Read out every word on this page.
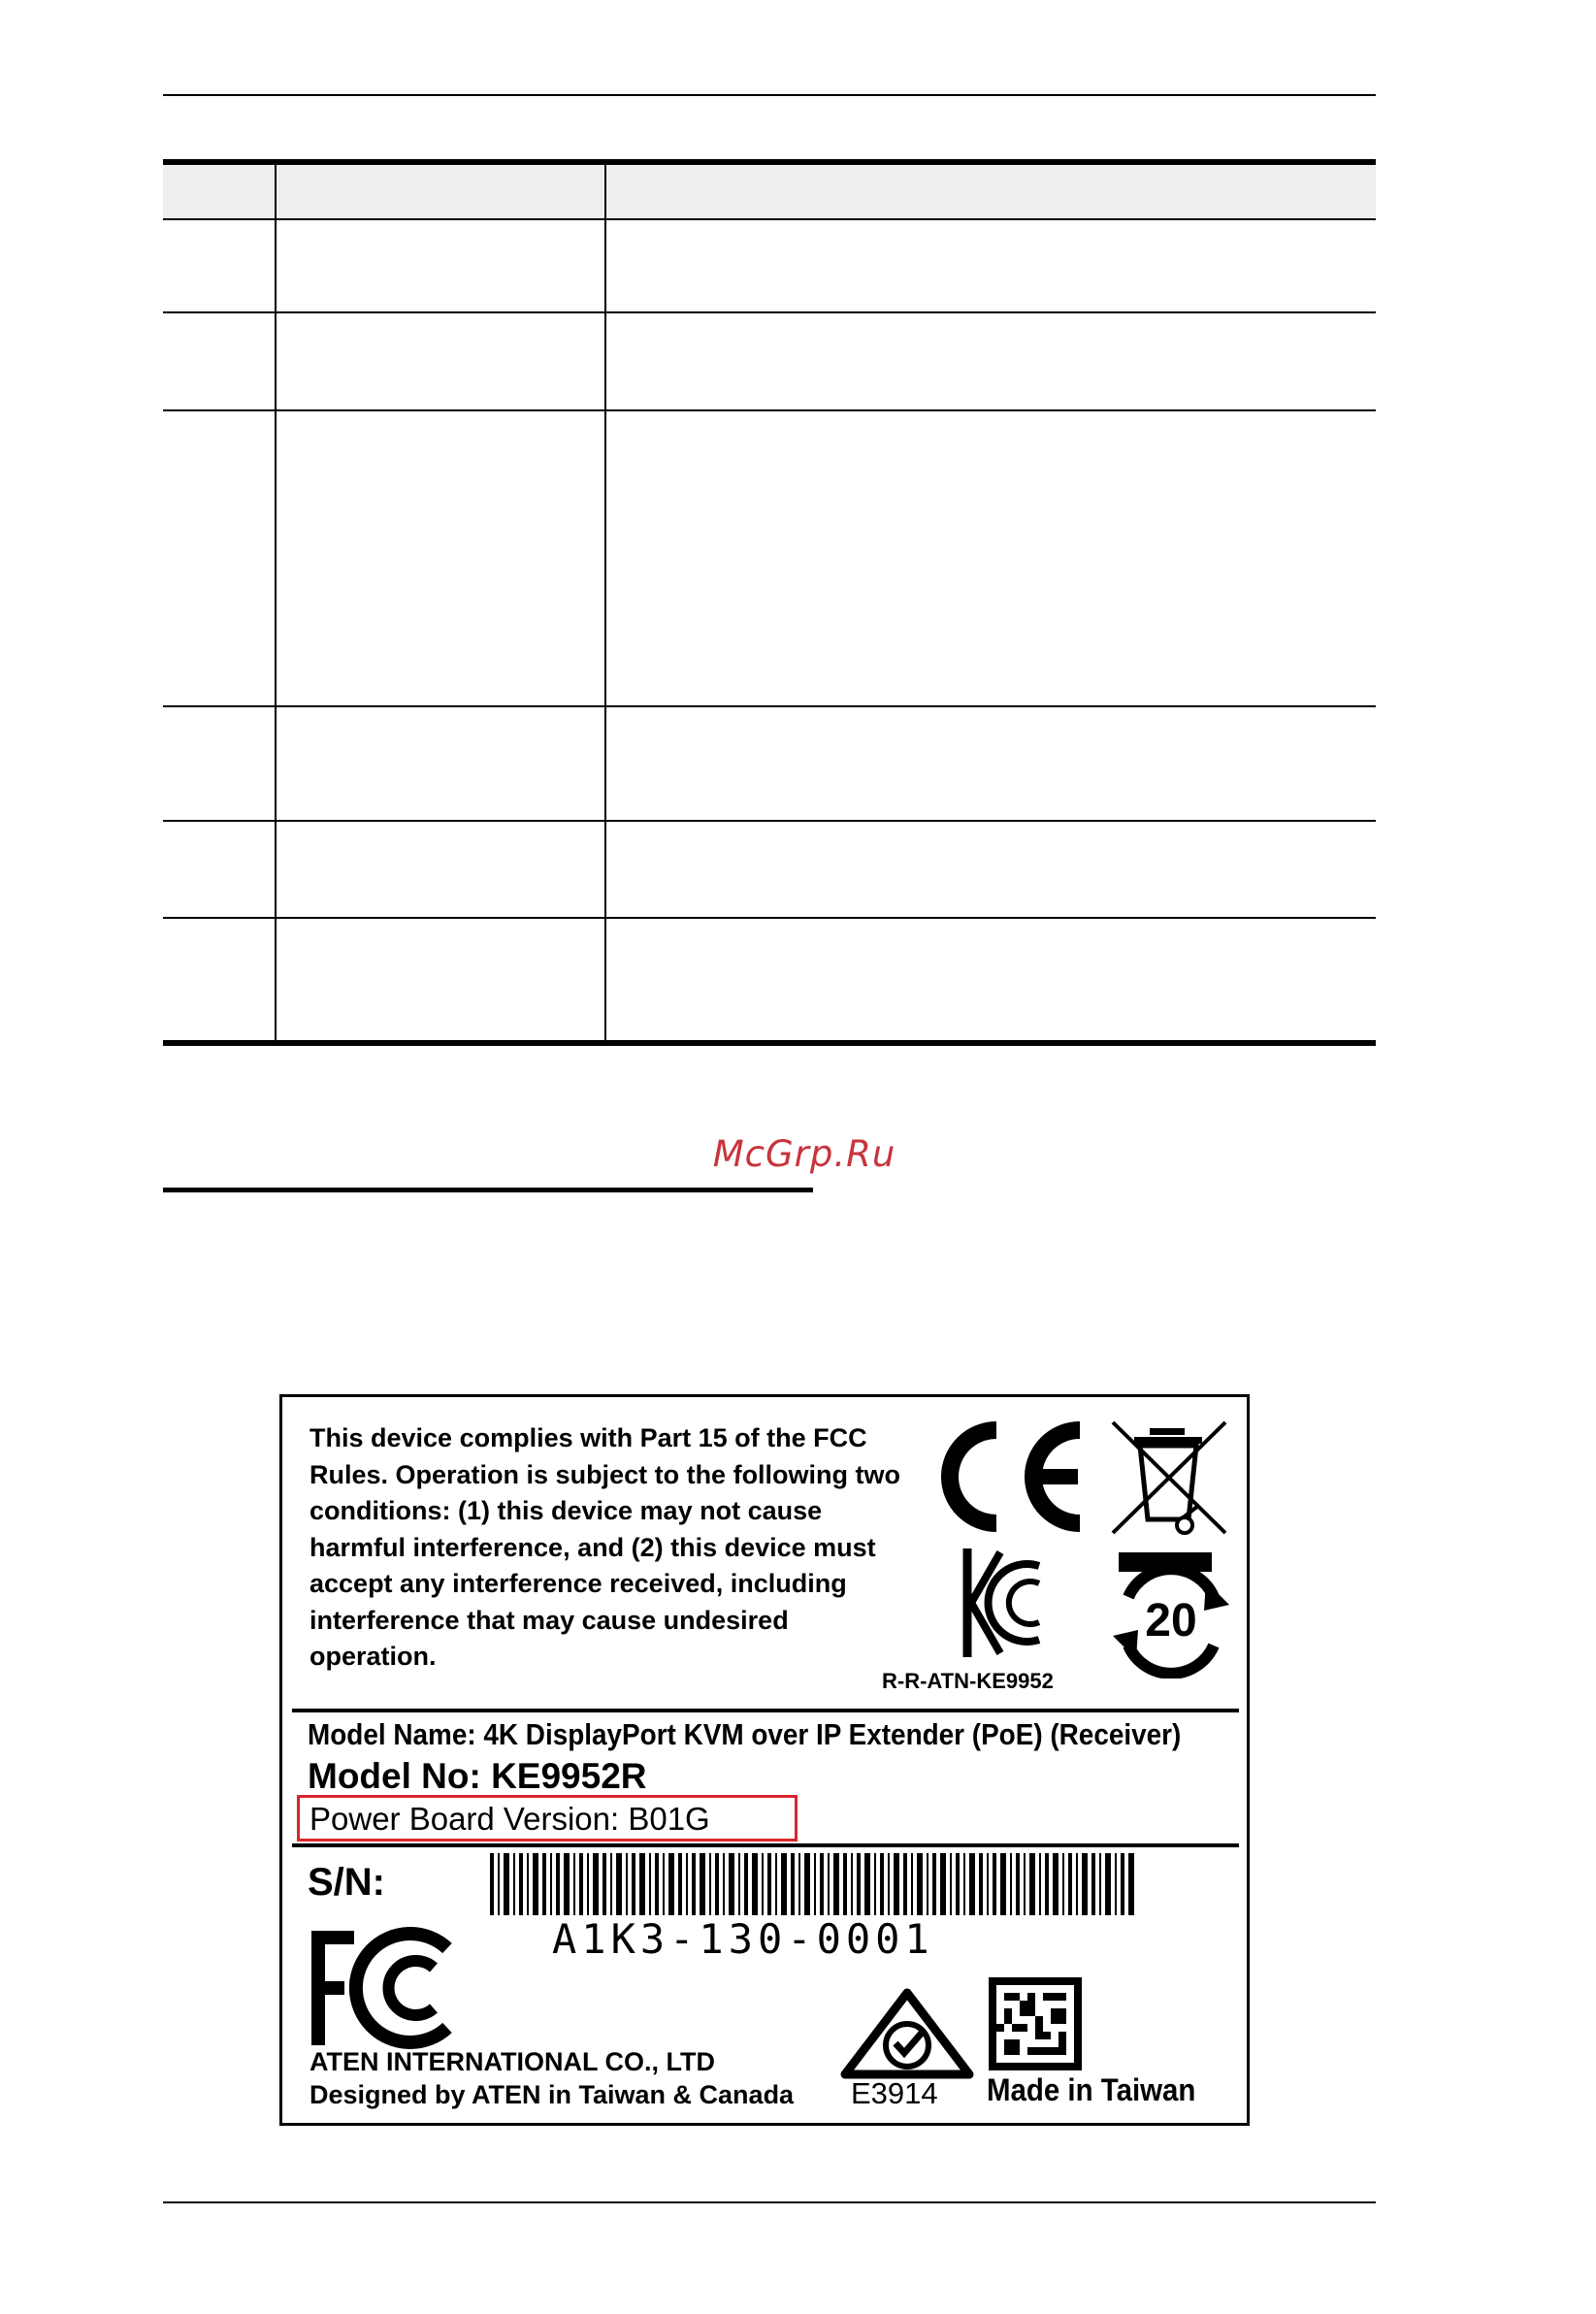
McGrp.Ru

This device complies with Part 15 of the FCC Rules. Operation is subject to the following two conditions: (1) this device may not cause harmful interference, and (2) this device must accept any interference received, including interference that may cause undesired operation.

20
R-R-ATN-KE9952
Model Name: 4K DisplayPort KVM over IP Extender (PoE) (Receiver)
Model No: KE9952R
Power Board Version: B01G
S/N:
A1K3-130-0001
E3914 Made in Taiwan
ATEN INTERNATIONAL CO., LTD
Designed by ATEN in Taiwan & Canada
